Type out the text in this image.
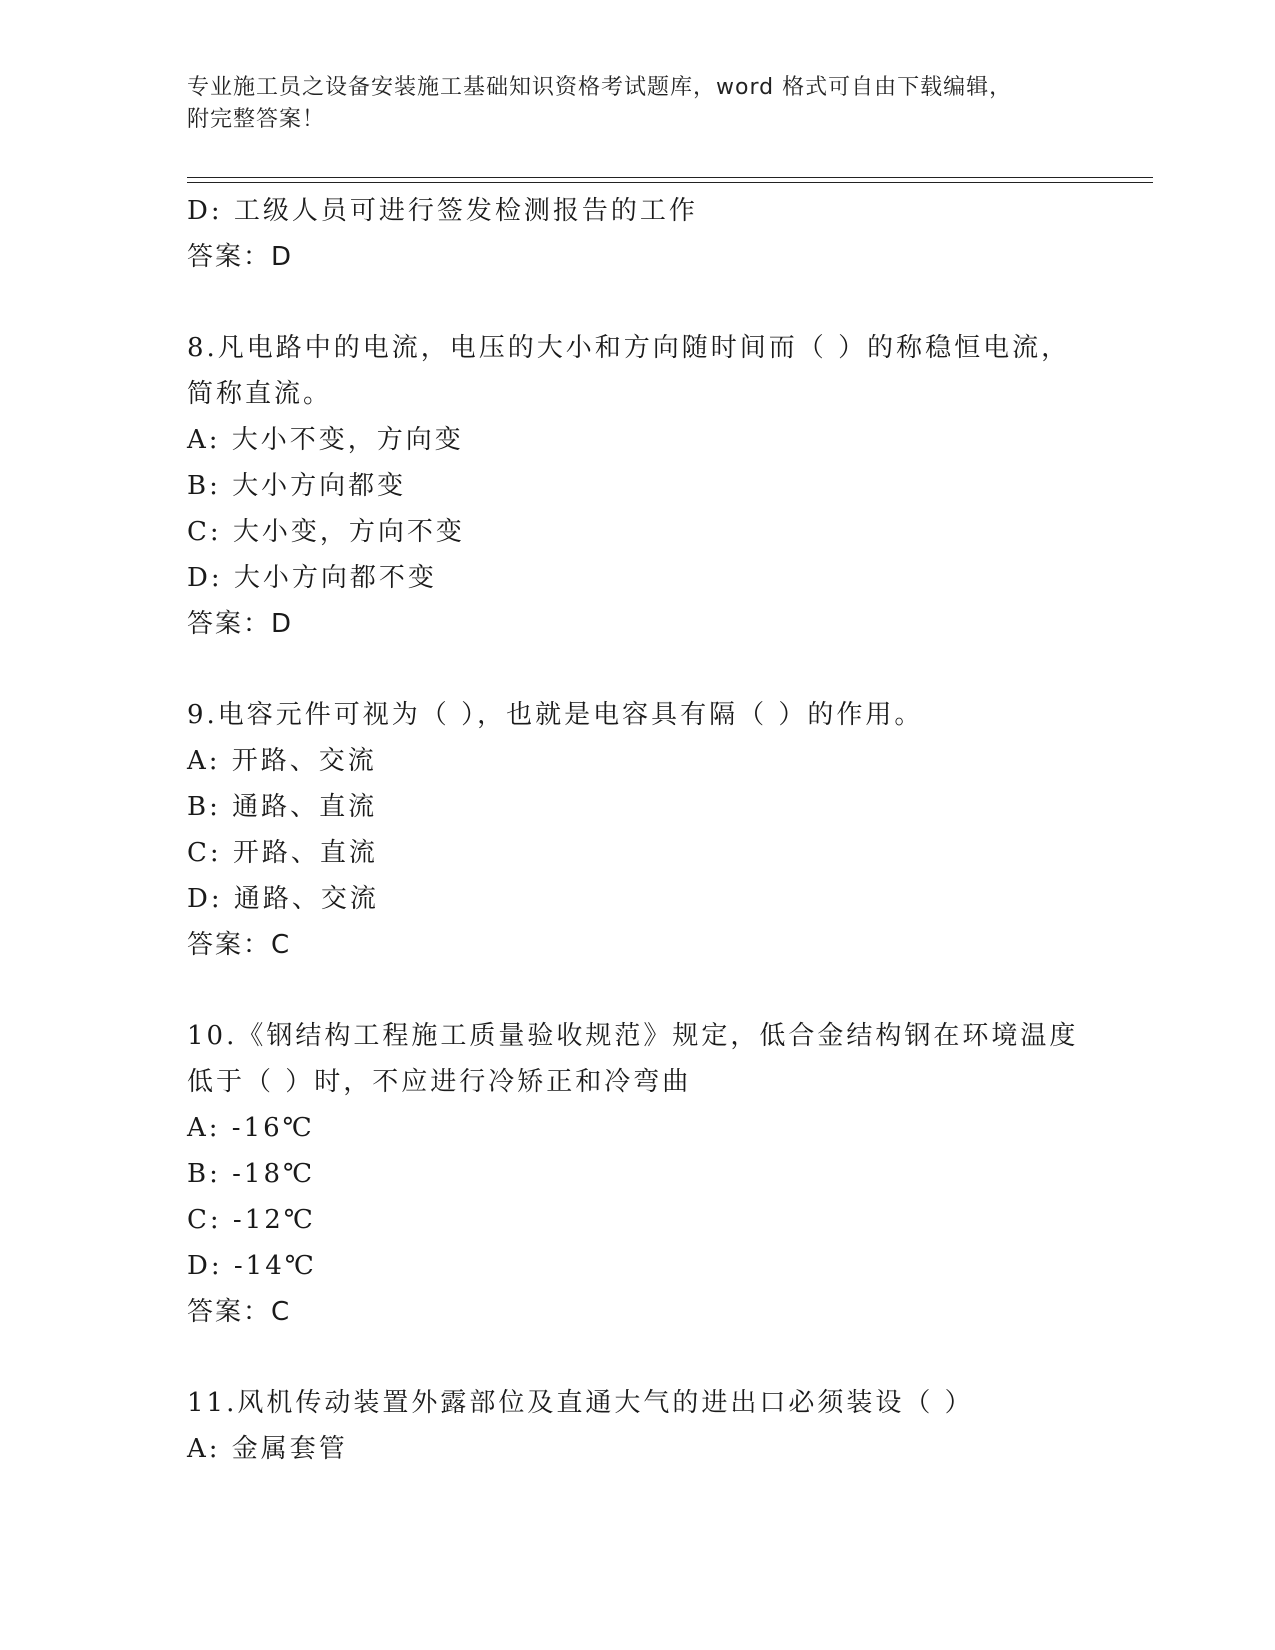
专业施工员之设备安装施工基础知识资格考试题库，word 格式可自由下载编辑，
附完整答案！
D: 工级人员可进行签发检测报告的工作
答案：D
8.凡电路中的电流，电压的大小和方向随时间而（ ）的称稳恒电流，
简称直流。
A: 大小不变，方向变
B: 大小方向都变
C: 大小变，方向不变
D: 大小方向都不变
答案：D
9.电容元件可视为（ ），也就是电容具有隔（ ）的作用。
A: 开路、交流
B: 通路、直流
C: 开路、直流
D: 通路、交流
答案：C
10.《钢结构工程施工质量验收规范》规定，低合金结构钢在环境温度
低于（ ）时，不应进行冷矫正和冷弯曲
A: -16℃
B: -18℃
C: -12℃
D: -14℃
答案：C
11.风机传动装置外露部位及直通大气的进出口必须装设（ ）
A: 金属套管
